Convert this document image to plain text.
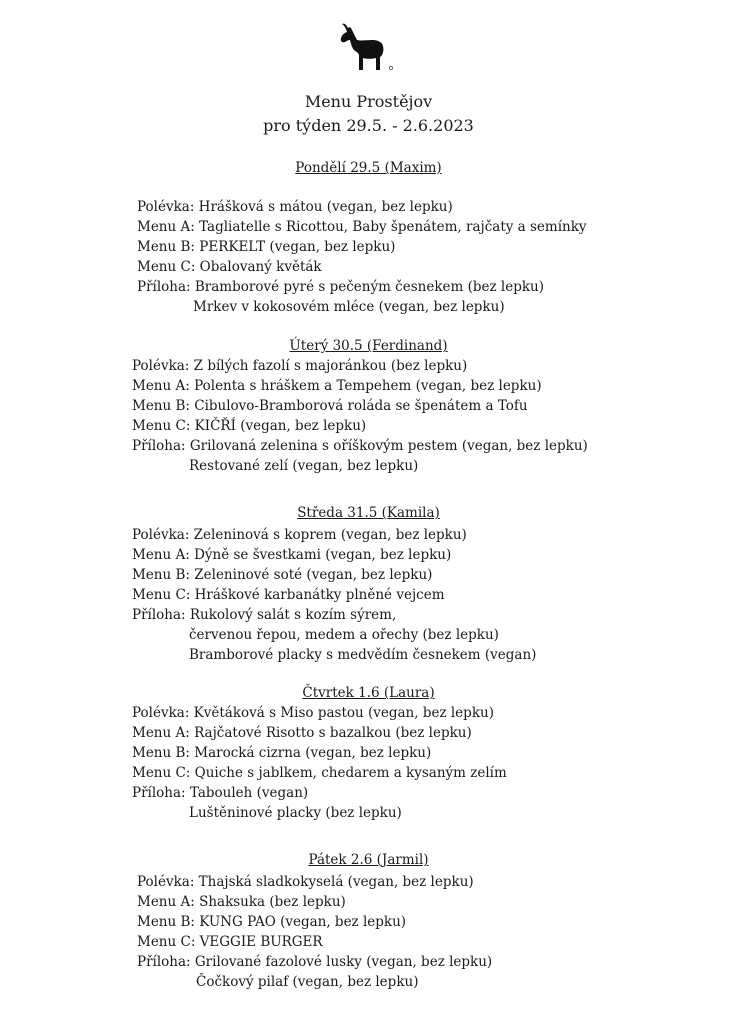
Menu Prostějov
pro týden 29.5. - 2.6.2023
Pondělí 29.5 (Maxim)
Polévka: Hrášková s mátou (vegan, bez lepku)
Menu A: Tagliatelle s Ricottou, Baby špenátem, rajčaty a semínky
Menu B: PERKELT (vegan, bez lepku)
Menu C: Obalovaný květák
Příloha: Bramborové pyré s pečeným česnekem (bez lepku)
Mrkev v kokosovém mléce (vegan, bez lepku)
Úterý 30.5 (Ferdinand)
Polévka: Z bílých fazolí s majoránkou (bez lepku)
Menu A: Polenta s hráškem a Tempehem (vegan, bez lepku)
Menu B: Cibulovo-Bramborová roláda se špenátem a Tofu
Menu C: KIČŘÍ (vegan, bez lepku)
Příloha: Grilovaná zelenina s oříškovým pestem (vegan, bez lepku)
Restované zelí (vegan, bez lepku)
Středa 31.5 (Kamila)
Polévka: Zeleninová s koprem (vegan, bez lepku)
Menu A: Dýně se švestkami (vegan, bez lepku)
Menu B: Zeleninové soté (vegan, bez lepku)
Menu C: Hráškové karbanátky plněné vejcem
Příloha: Rukolový salát s kozím sýrem,
červenou řepou, medem a ořechy (bez lepku)
Bramborové placky s medvědím česnekem (vegan)
Čtvrtek 1.6 (Laura)
Polévka: Květáková s Miso pastou (vegan, bez lepku)
Menu A: Rajčatové Risotto s bazalkou (bez lepku)
Menu B: Marocká cizrna (vegan, bez lepku)
Menu C: Quiche s jablkem, chedarem a kysaným zelím
Příloha: Tabouleh (vegan)
Luštěninové placky (bez lepku)
Pátek 2.6 (Jarmil)
Polévka: Thajská sladkokyselá (vegan, bez lepku)
Menu A: Shaksuka (bez lepku)
Menu B: KUNG PAO (vegan, bez lepku)
Menu C: VEGGIE BURGER
Příloha: Grilované fazolové lusky (vegan, bez lepku)
Čočkový pilaf (vegan, bez lepku)
